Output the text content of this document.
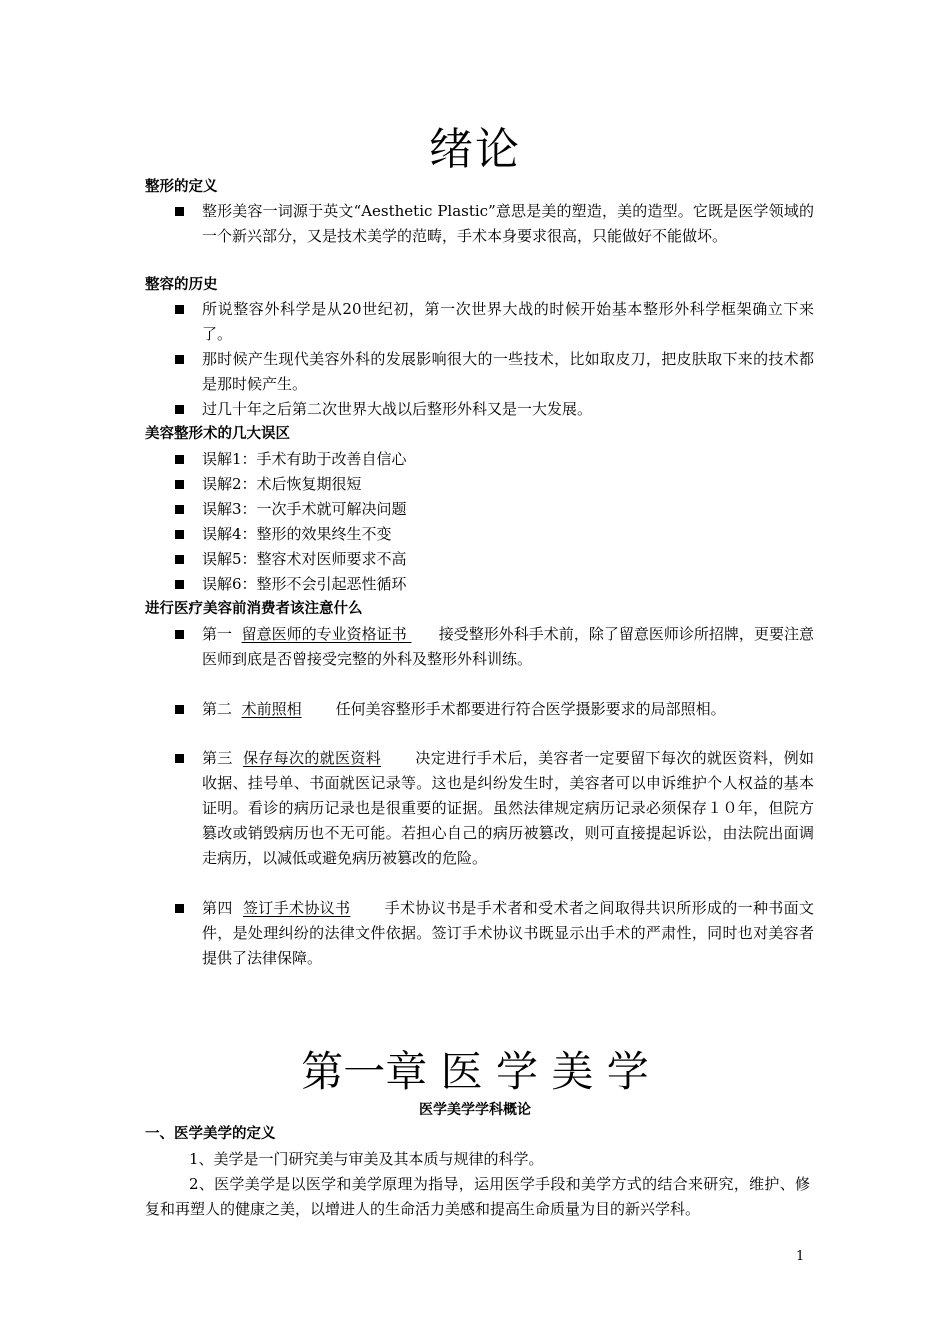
绪论
整形的定义
整形美容一词源于英文“Aesthetic Plastic”意思是美的塑造，美的造型。它既是医学领域的一个新兴部分，又是技术美学的范畴，手术本身要求很高，只能做好不能做坏。
整容的历史
所说整容外科学是从20世纪初，第一次世界大战的时候开始基本整形外科学框架确立下来了。
那时候产生现代美容外科的发展影响很大的一些技术，比如取皮刀，把皮肤取下来的技术都是那时候产生。
过几十年之后第二次世界大战以后整形外科又是一大发展。
美容整形术的几大误区
误解1：手术有助于改善自信心
误解2：术后恢复期很短
误解3：一次手术就可解决问题
误解4：整形的效果终生不变
误解5：整容术对医师要求不高
误解6：整形不会引起恶性循环
进行医疗美容前消费者该注意什么
第一 留意医师的专业资格证书 接受整形外科手术前，除了留意医师诊所招牌，更要注意医师到底是否曾接受完整的外科及整形外科训练。
第二 术前照相 任何美容整形手术都要进行符合医学摄影要求的局部照相。
第三 保存每次的就医资料 决定进行手术后，美容者一定要留下每次的就医资料，例如收据、挂号单、书面就医记录等。这也是纠纷发生时，美容者可以申诉维护个人权益的基本证明。看诊的病历记录也是很重要的证据。虽然法律规定病历记录必须保存１０年，但院方篡改或销毁病历也不无可能。若担心自己的病历被篡改，则可直接提起诉讼，由法院出面调走病历，以减低或避免病历被篡改的危险。
第四 签订手术协议书 手术协议书是手术者和受术者之间取得共识所形成的一种书面文件，是处理纠纷的法律文件依据。签订手术协议书既显示出手术的严肃性，同时也对美容者提供了法律保障。
第一章 医 学 美 学
医学美学学科概论
一、医学美学的定义
1、美学是一门研究美与审美及其本质与规律的科学。
2、医学美学是以医学和美学原理为指导，运用医学手段和美学方式的结合来研究，维护、修复和再塑人的健康之美，以增进人的生命活力美感和提高生命质量为目的新兴学科。
1
